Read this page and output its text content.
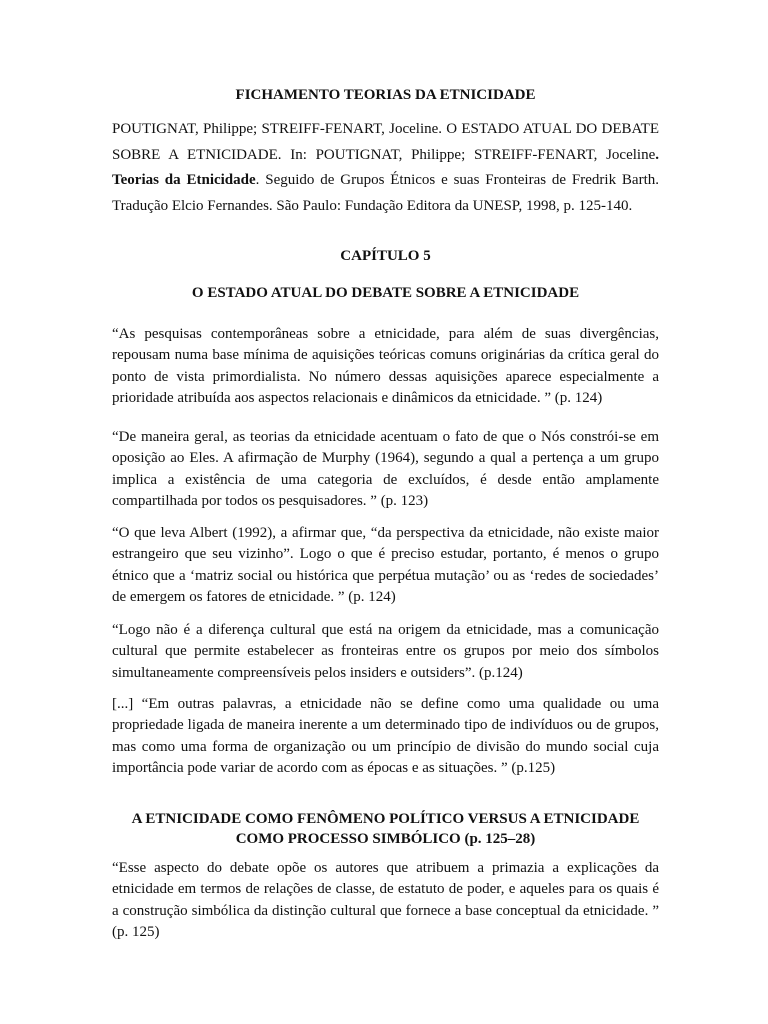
FICHAMENTO TEORIAS DA ETNICIDADE
POUTIGNAT, Philippe; STREIFF-FENART, Joceline. O ESTADO ATUAL DO DEBATE SOBRE A ETNICIDADE. In: POUTIGNAT, Philippe; STREIFF-FENART, Joceline. Teorias da Etnicidade. Seguido de Grupos Étnicos e suas Fronteiras de Fredrik Barth. Tradução Elcio Fernandes. São Paulo: Fundação Editora da UNESP, 1998, p. 125-140.
CAPÍTULO 5
O ESTADO ATUAL DO DEBATE SOBRE A ETNICIDADE
“As pesquisas contemporâneas sobre a etnicidade, para além de suas divergências, repousam numa base mínima de aquisições teóricas comuns originárias da crítica geral do ponto de vista primordialista. No número dessas aquisições aparece especialmente a prioridade atribuída aos aspectos relacionais e dinâmicos da etnicidade. ” (p. 124)
“De maneira geral, as teorias da etnicidade acentuam o fato de que o Nós constrói-se em oposição ao Eles. A afirmação de Murphy (1964), segundo a qual a pertença a um grupo implica a existência de uma categoria de excluídos, é desde então amplamente compartilhada por todos os pesquisadores. ” (p. 123)
“O que leva Albert (1992), a afirmar que, “da perspectiva da etnicidade, não existe maior estrangeiro que seu vizinho”. Logo o que é preciso estudar, portanto, é menos o grupo étnico que a ‘matriz social ou histórica que perpétua mutação’ ou as ‘redes de sociedades’ de emergem os fatores de etnicidade. ” (p. 124)
“Logo não é a diferença cultural que está na origem da etnicidade, mas a comunicação cultural que permite estabelecer as fronteiras entre os grupos por meio dos símbolos simultaneamente compreensíveis pelos insiders e outsiders”. (p.124)
[...] “Em outras palavras, a etnicidade não se define como uma qualidade ou uma propriedade ligada de maneira inerente a um determinado tipo de indivíduos ou de grupos, mas como uma forma de organização ou um princípio de divisão do mundo social cuja importância pode variar de acordo com as épocas e as situações. ” (p.125)
A ETNICIDADE COMO FENÔMENO POLÍTICO VERSUS A ETNICIDADE
COMO PROCESSO SIMBÓLICO (p. 125–28)
“Esse aspecto do debate opõe os autores que atribuem a primazia a explicações da etnicidade em termos de relações de classe, de estatuto de poder, e aqueles para os quais é a construção simbólica da distinção cultural que fornece a base conceptual da etnicidade. ” (p. 125)
